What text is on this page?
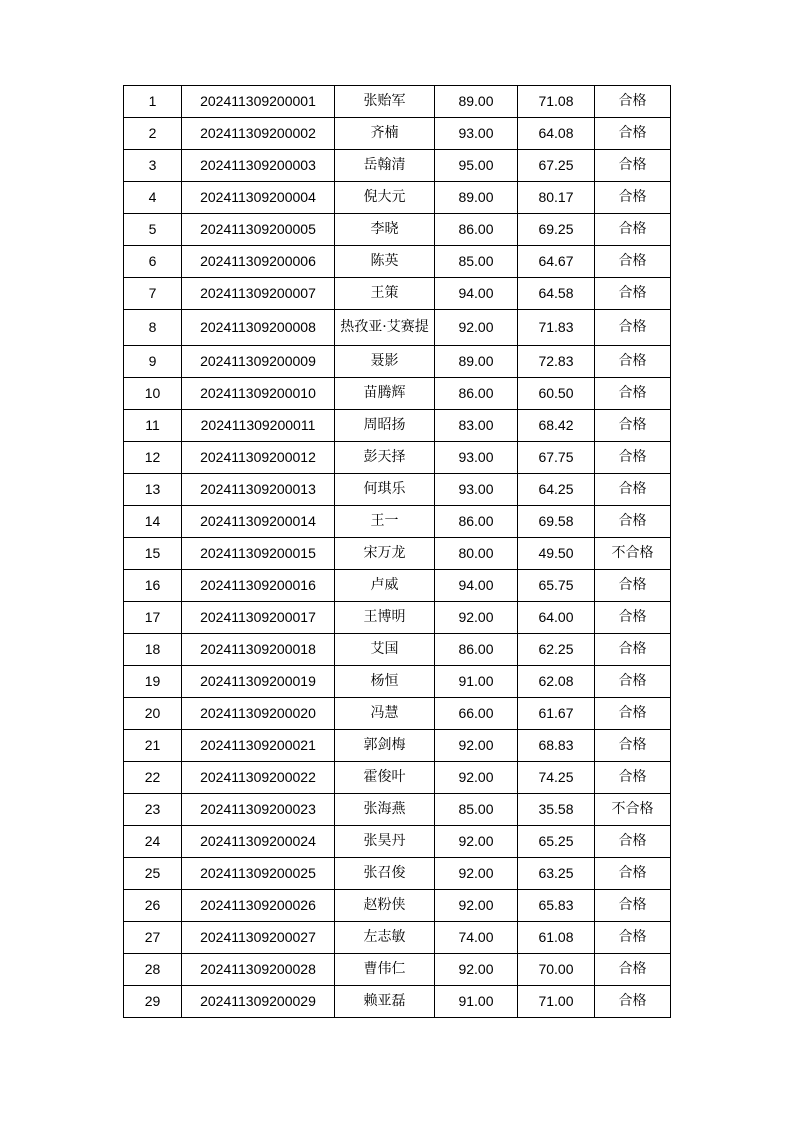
1	202411309200001	张贻军	89.00	71.08	合格
2	202411309200002	齐楠	93.00	64.08	合格
3	202411309200003	岳翰清	95.00	67.25	合格
4	202411309200004	倪大元	89.00	80.17	合格
5	202411309200005	李晓	86.00	69.25	合格
6	202411309200006	陈英	85.00	64.67	合格
7	202411309200007	王策	94.00	64.58	合格
8	202411309200008	热孜亚·艾赛提	92.00	71.83	合格
9	202411309200009	聂影	89.00	72.83	合格
10	202411309200010	苗腾辉	86.00	60.50	合格
11	202411309200011	周昭扬	83.00	68.42	合格
12	202411309200012	彭天择	93.00	67.75	合格
13	202411309200013	何琪乐	93.00	64.25	合格
14	202411309200014	王一	86.00	69.58	合格
15	202411309200015	宋万龙	80.00	49.50	不合格
16	202411309200016	卢威	94.00	65.75	合格
17	202411309200017	王博明	92.00	64.00	合格
18	202411309200018	艾国	86.00	62.25	合格
19	202411309200019	杨恒	91.00	62.08	合格
20	202411309200020	冯慧	66.00	61.67	合格
21	202411309200021	郭剑梅	92.00	68.83	合格
22	202411309200022	霍俊叶	92.00	74.25	合格
23	202411309200023	张海燕	85.00	35.58	不合格
24	202411309200024	张昊丹	92.00	65.25	合格
25	202411309200025	张召俊	92.00	63.25	合格
26	202411309200026	赵粉侠	92.00	65.83	合格
27	202411309200027	左志敏	74.00	61.08	合格
28	202411309200028	曹伟仁	92.00	70.00	合格
29	202411309200029	赖亚磊	91.00	71.00	合格
